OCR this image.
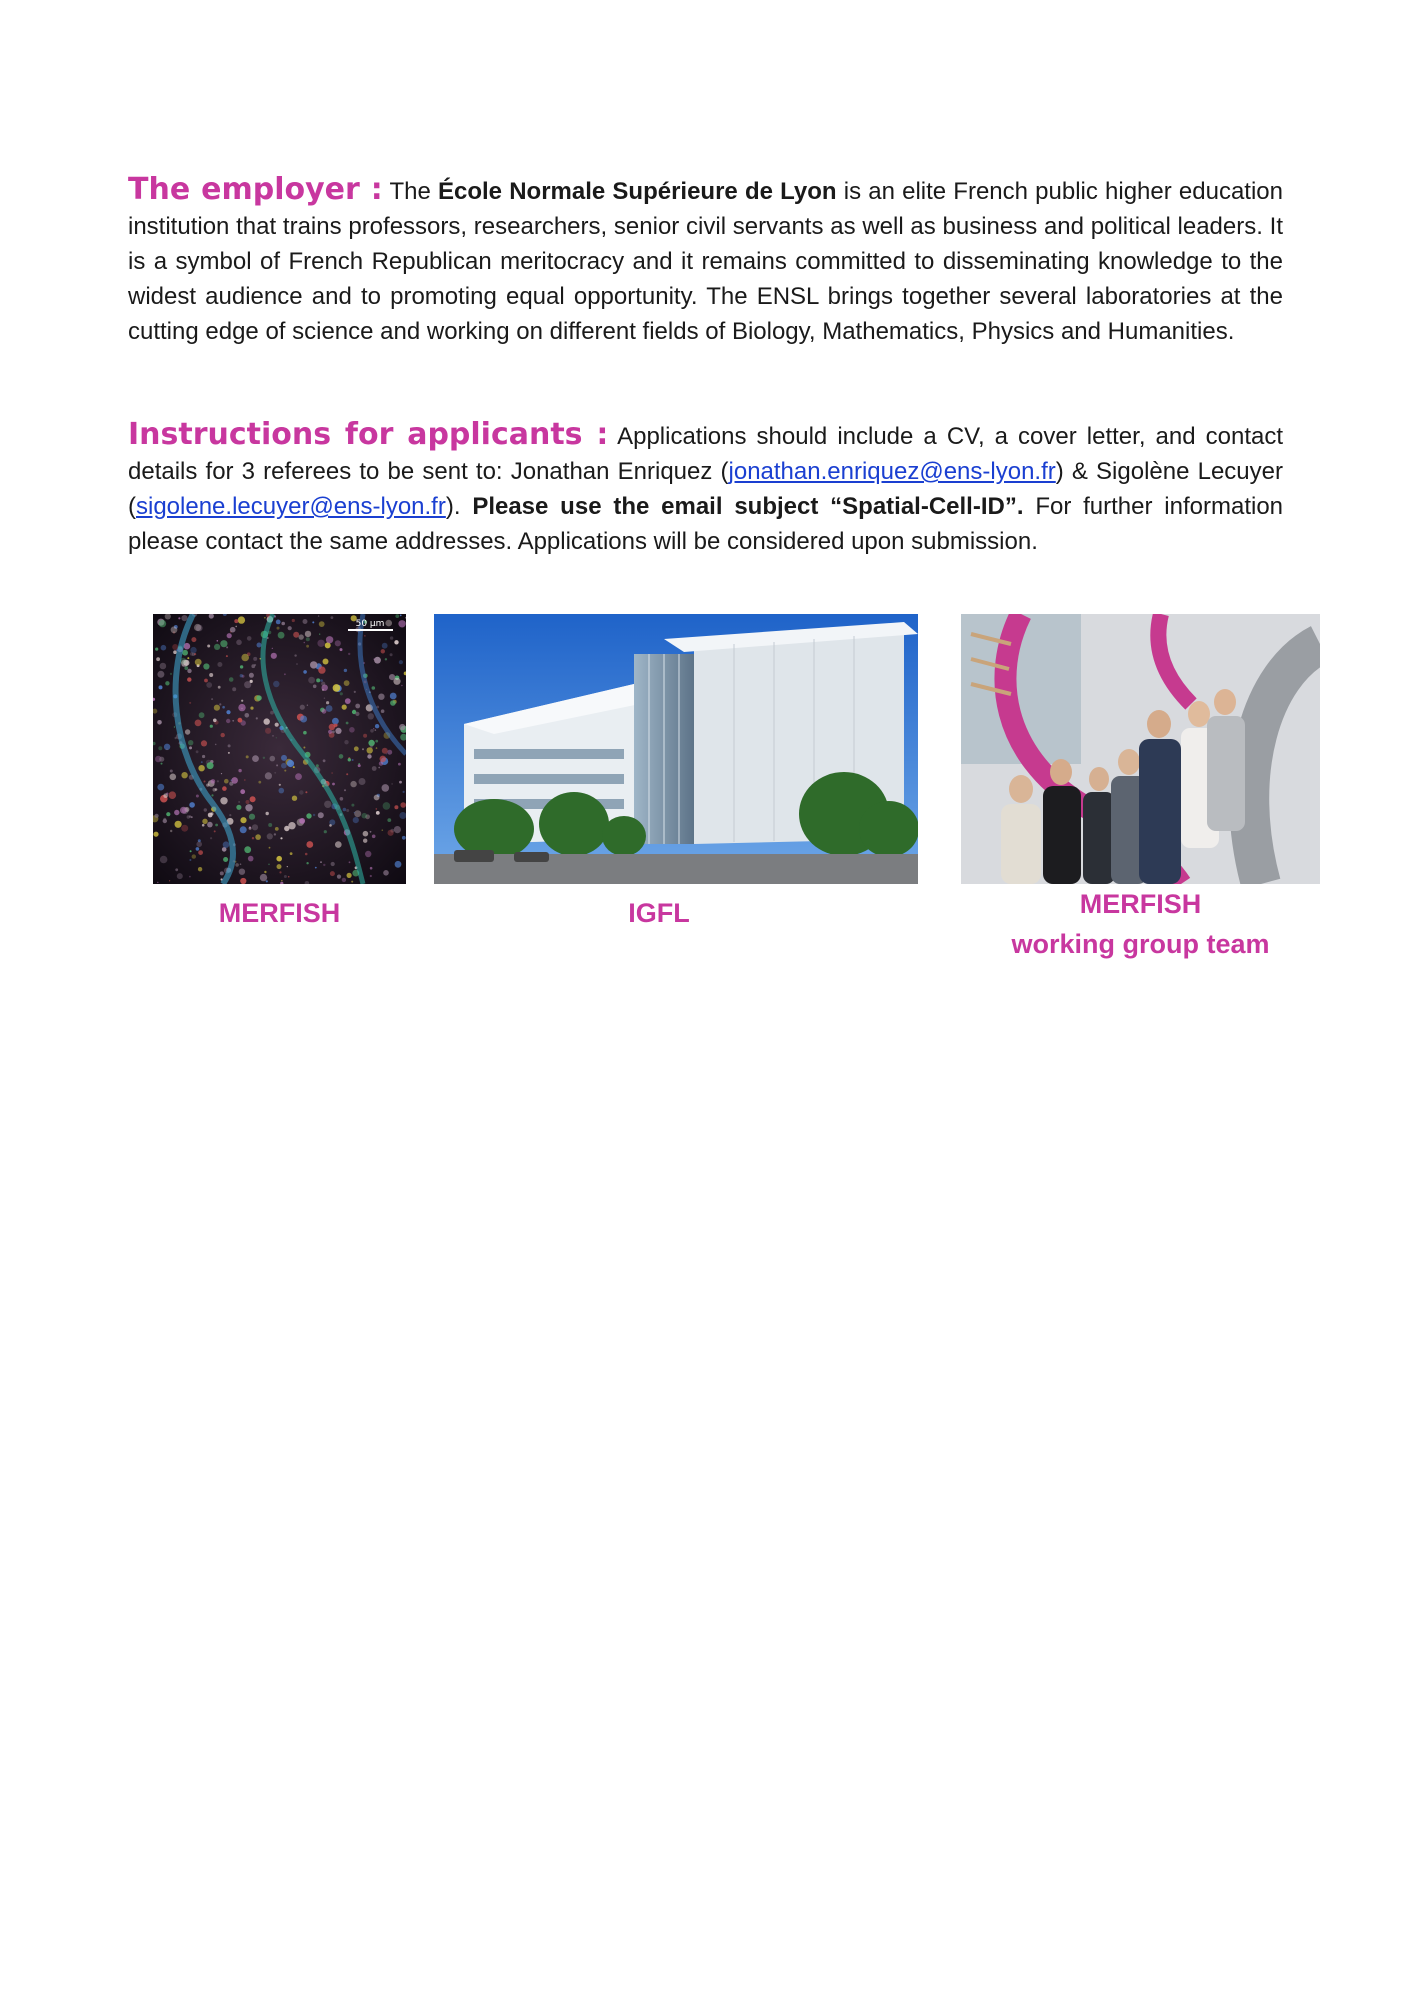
The employer : The École Normale Supérieure de Lyon is an elite French public higher education institution that trains professors, researchers, senior civil servants as well as business and political leaders. It is a symbol of French Republican meritocracy and it remains committed to disseminating knowledge to the widest audience and to promoting equal opportunity. The ENSL brings together several laboratories at the cutting edge of science and working on different fields of Biology, Mathematics, Physics and Humanities.

Instructions for applicants : Applications should include a CV, a cover letter, and contact details for 3 referees to be sent to: Jonathan Enriquez (jonathan.enriquez@ens-lyon.fr) & Sigolène Lecuyer (sigolene.lecuyer@ens-lyon.fr). Please use the email subject “Spatial-Cell-ID”. For further information please contact the same addresses. Applications will be considered upon submission.

50 µm
MERFISH	IGFL	MERFISH
working group team
